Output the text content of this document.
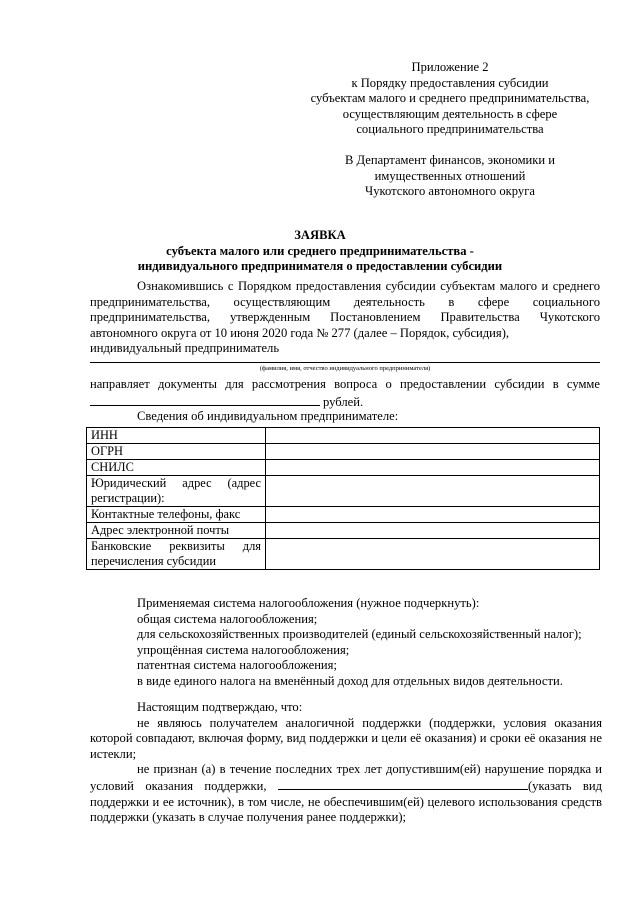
Приложение 2
к Порядку предоставления субсидии
субъектам малого и среднего предпринимательства,
осуществляющим деятельность в сфере
социального предпринимательства
В Департамент финансов, экономики и
имущественных отношений
Чукотского автономного округа
ЗАЯВКА
субъекта малого или среднего предпринимательства -
индивидуального предпринимателя о предоставлении субсидии

Ознакомившись с Порядком предоставления субсидии субъектам малого и среднего предпринимательства, осуществляющим деятельность в сфере социального предпринимательства, утвержденным Постановлением Правительства Чукотского автономного округа от 10 июня 2020 года № 277 (далее – Порядок, субсидия),

индивидуальный предприниматель
(фамилия, имя, отчество индивидуального предпринимателя)
направляет документы для рассмотрения вопроса о предоставлении субсидии в сумме
рублей.
Сведения об индивидуальном предпринимателе:
ИНН	
ОГРН	
СНИЛС	

Юридический адрес (адрес
регистрации):	
Контактные телефоны, факс	
Адрес электронной почты	

Банковские реквизиты для
перечисления субсидии	
Применяемая система налогообложения (нужное подчеркнуть):
общая система налогообложения;
для сельскохозяйственных производителей (единый сельскохозяйственный налог);
упрощённая система налогообложения;
патентная система налогообложения;
в виде единого налога на вменённый доход для отдельных видов деятельности.

Настоящим подтверждаю, что:

не являюсь получателем аналогичной поддержки (поддержки, условия оказания которой совпадают, включая форму, вид поддержки и цели её оказания) и сроки её оказания не истекли;

не признан (а) в течение последних трех лет допустившим(ей) нарушение порядка и условий оказания поддержки,	(указать вид поддержки и ее источник), в том числе, не обеспечившим(ей) целевого использования средств поддержки (указать в случае получения ранее поддержки);
